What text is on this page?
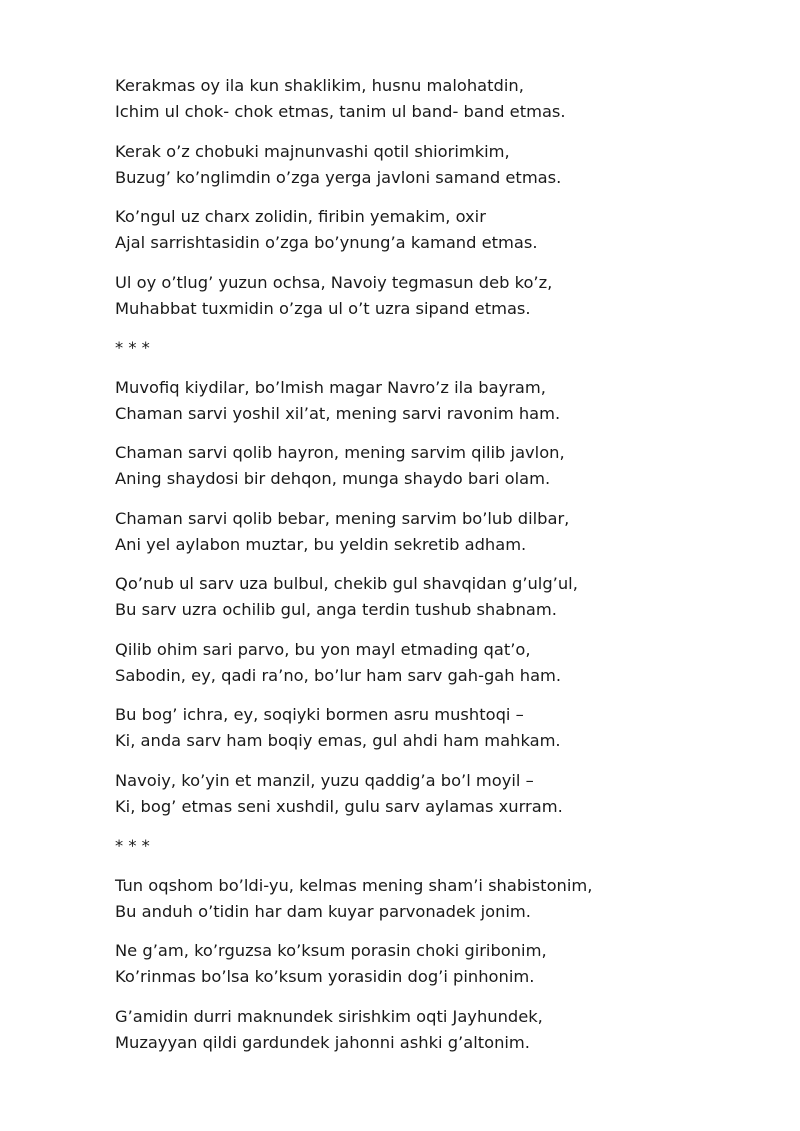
Kerakmas oy ila kun shaklikim, husnu malohatdin,
Ichim ul chok- chok etmas, tanim ul band- band etmas.
Kerak o’z chobuki majnunvashi qotil shiorimkim,
Buzug’ ko’nglimdin o’zga yerga javloni samand etmas.
Ko’ngul uz charx zolidin, firibin yemakim, oxir
Ajal sarrishtasidin o’zga bo’ynung’a kamand etmas.
Ul oy o’tlug’ yuzun ochsa, Navoiy tegmasun deb ko’z,
Muhabbat tuxmidin o’zga ul o’t uzra sipand etmas.
* * *
Muvofiq kiydilar, bo’lmish magar Navro’z ila bayram,
Chaman sarvi yoshil xil’at, mening sarvi ravonim ham.
Chaman sarvi qolib hayron, mening sarvim qilib javlon,
Aning shaydosi bir dehqon, munga shaydo bari olam.
Chaman sarvi qolib bebar, mening sarvim bo’lub dilbar,
Ani yel aylabon muztar, bu yeldin sekretib adham.
Qo’nub ul sarv uza bulbul, chekib gul shavqidan g’ulg’ul,
Bu sarv uzra ochilib gul, anga terdin tushub shabnam.
Qilib ohim sari parvo, bu yon mayl etmading qat’o,
Sabodin, ey, qadi ra’no, bo’lur ham sarv gah-gah ham.
Bu bog’ ichra, ey, soqiyki bormen asru mushtoqi –
Ki, anda sarv ham boqiy emas, gul ahdi ham mahkam.
Navoiy, ko’yin et manzil, yuzu qaddig’a bo’l moyil –
Ki, bog’ etmas seni xushdil, gulu sarv aylamas xurram.
* * *
Tun oqshom bo’ldi-yu, kelmas mening sham’i shabistonim,
Bu anduh o’tidin har dam kuyar parvonadek jonim.
Ne g’am, ko’rguzsa ko’ksum porasin choki giribonim,
Ko’rinmas bo’lsa ko’ksum yorasidin dog’i pinhonim.
G’amidin durri maknundek sirishkim oqti Jayhundek,
Muzayyan qildi gardundek jahonni ashki g’altonim.
